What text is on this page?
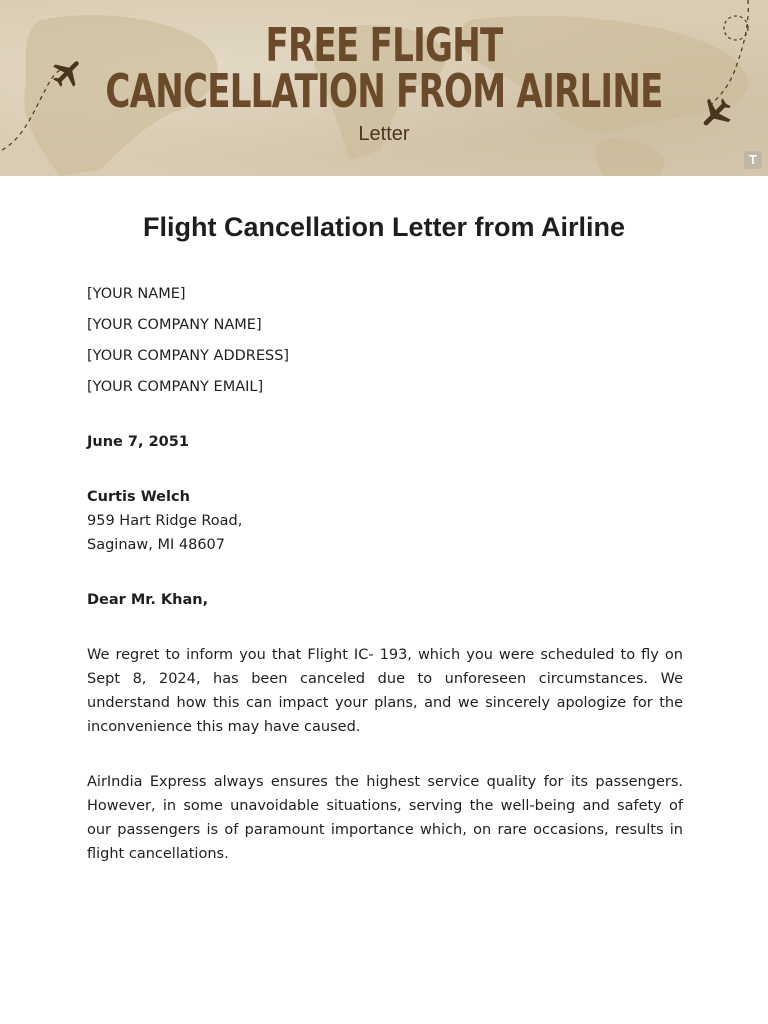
FREE FLIGHT
CANCELLATION FROM AIRLINE
Letter
T
Flight Cancellation Letter from Airline
[YOUR NAME]
[YOUR COMPANY NAME]
[YOUR COMPANY ADDRESS]
[YOUR COMPANY EMAIL]
June 7, 2051
Curtis Welch
959 Hart Ridge Road,
Saginaw, MI 48607
Dear Mr. Khan,
We regret to inform you that Flight IC- 193, which you were scheduled to fly on Sept 8, 2024, has been canceled due to unforeseen circumstances. We understand how this can impact your plans, and we sincerely apologize for the inconvenience this may have caused.
AirIndia Express always ensures the highest service quality for its passengers. However, in some unavoidable situations, serving the well-being and safety of our passengers is of paramount importance which, on rare occasions, results in flight cancellations.
